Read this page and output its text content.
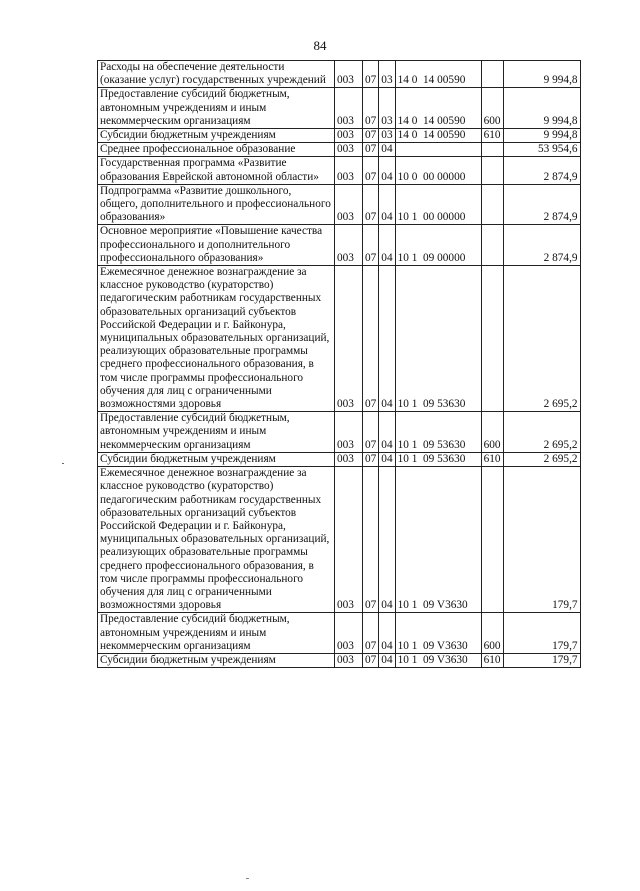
84
Расходы на обеспечение деятельности (оказание услуг) государственных учреждений	003	07	03	14 0  14 00590		9 994,8
Предоставление субсидий бюджетным, автономным учреждениям и иным некоммерческим организациям	003	07	03	14 0  14 00590	600	9 994,8
Субсидии бюджетным учреждениям	003	07	03	14 0  14 00590	610	9 994,8
Среднее профессиональное образование	003	07	04			53 954,6
Государственная программа «Развитие образования Еврейской автономной области»	003	07	04	10 0  00 00000		2 874,9
Подпрограмма «Развитие дошкольного, общего, дополнительного и профессионального образования»	003	07	04	10 1  00 00000		2 874,9
Основное мероприятие «Повышение качества профессионального и дополнительного профессионального образования»	003	07	04	10 1  09 00000		2 874,9
Ежемесячное денежное вознаграждение за классное руководство (кураторство) педагогическим работникам государственных образовательных организаций субъектов Российской Федерации и г. Байконура, муниципальных образовательных организаций, реализующих образовательные программы среднего профессионального образования, в том числе программы профессионального обучения для лиц с ограниченными возможностями здоровья	003	07	04	10 1  09 53630		2 695,2
Предоставление субсидий бюджетным, автономным учреждениям и иным некоммерческим организациям	003	07	04	10 1  09 53630	600	2 695,2
Субсидии бюджетным учреждениям	003	07	04	10 1  09 53630	610	2 695,2
Ежемесячное денежное вознаграждение за классное руководство (кураторство) педагогическим работникам государственных образовательных организаций субъектов Российской Федерации и г. Байконура, муниципальных образовательных организаций, реализующих образовательные программы среднего профессионального образования, в том числе программы профессионального обучения для лиц с ограниченными возможностями здоровья	003	07	04	10 1  09 V3630		179,7
Предоставление субсидий бюджетным, автономным учреждениям и иным некоммерческим организациям	003	07	04	10 1  09 V3630	600	179,7
Субсидии бюджетным учреждениям	003	07	04	10 1  09 V3630	610	179,7
